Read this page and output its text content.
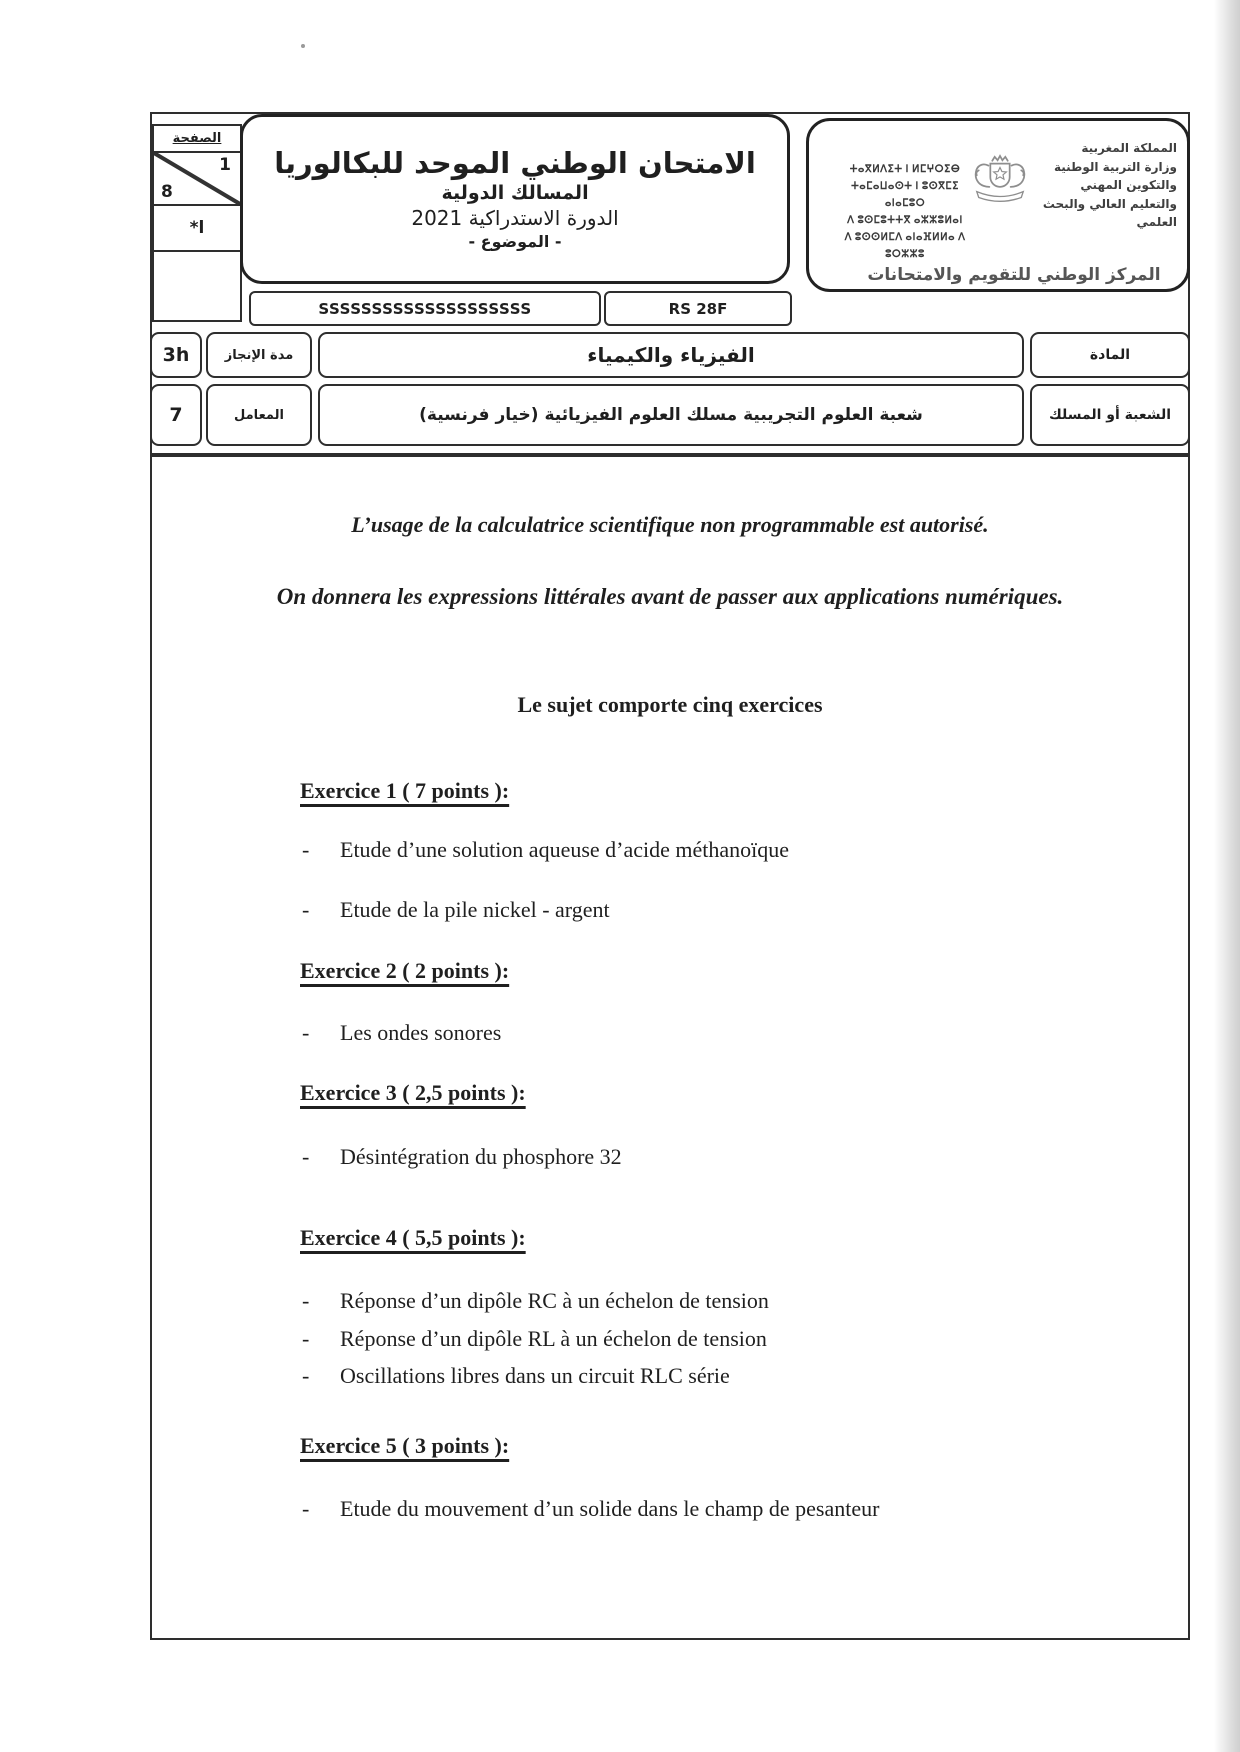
الصفحة
1
8
*ا
الامتحان الوطني الموحد للبكالوريا
المسالك الدولية
الدورة الاستدراكية 2021
- الموضوع -
ⵜⴰⴳⵍⴷⵉⵜ ⵏ ⵍⵎⵖⵔⵉⴱ
ⵜⴰⵎⴰⵡⴰⵙⵜ ⵏ ⵓⵙⴳⵎⵉ ⴰⵏⴰⵎⵓⵔ
ⴷ ⵓⵙⵎⵓⵜⵜⴳ ⴰⵣⵣⵓⵍⴰⵏ
ⴷ ⵓⵙⵙⵍⵎⴷ ⴰⵏⴰⴼⵍⵍⴰ ⴷ ⵓⵔⵣⵣⵓ
المملكة المغربية
وزارة التربية الوطنية
والتكوين المهني
والتعليم العالي والبحث العلمي
المركز الوطني للتقويم والامتحانات
SSSSSSSSSSSSSSSSSSSS	RS 28F
3h	مدة الإنجاز	الفيزياء والكيمياء	المادة
7	المعامل	شعبة العلوم التجريبية مسلك العلوم الفيزيائية (خيار فرنسية)	الشعبة أو المسلك
L’usage de la calculatrice scientifique non programmable est autorisé.
On donnera les expressions littérales avant de passer aux applications numériques.
Le sujet comporte cinq exercices
Exercice 1 ( 7 points ):
-	Etude d’une solution aqueuse d’acide méthanoïque
-	Etude de la pile nickel - argent
Exercice 2 ( 2 points ):
-	Les ondes sonores
Exercice 3 ( 2,5 points ):
-	Désintégration du phosphore 32
Exercice 4 ( 5,5 points ):
-	Réponse d’un dipôle RC à un échelon de tension
-	Réponse d’un dipôle RL à un échelon de tension
-	Oscillations libres dans un circuit RLC série
Exercice 5 ( 3 points ):
-	Etude du mouvement d’un solide dans le champ de pesanteur
